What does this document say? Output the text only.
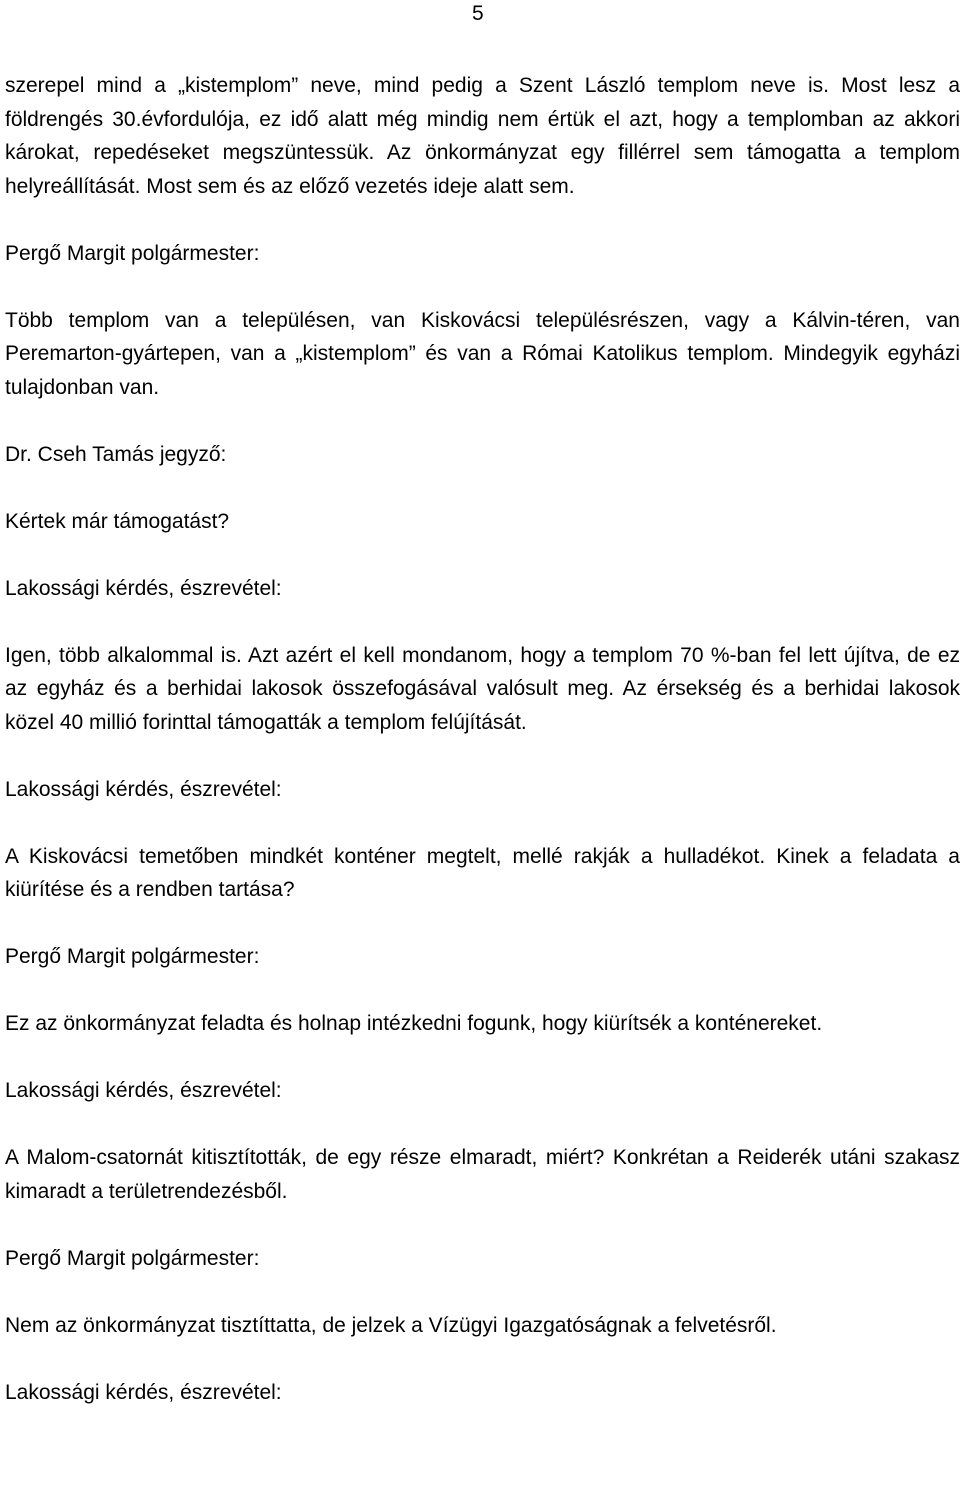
5

szerepel mind a „kistemplom” neve, mind pedig a Szent László templom neve is. Most lesz a földrengés 30.évfordulója, ez idő alatt még mindig nem értük el azt, hogy a templomban az akkori károkat, repedéseket megszüntessük. Az önkormányzat egy fillérrel sem támogatta a templom helyreállítását. Most sem és az előző vezetés ideje alatt sem.

Pergő Margit polgármester:

Több templom van a településen, van Kiskovácsi településrészen, vagy a Kálvin-téren, van Peremarton-gyártepen, van a „kistemplom” és van a Római Katolikus templom. Mindegyik egyházi tulajdonban van.

Dr. Cseh Tamás jegyző:

Kértek már támogatást?

Lakossági kérdés, észrevétel:

Igen, több alkalommal is. Azt azért el kell mondanom, hogy a templom 70 %-ban fel lett újítva, de ez az egyház és a berhidai lakosok összefogásával valósult meg. Az érsekség és a berhidai lakosok közel 40 millió forinttal támogatták a templom felújítását.

Lakossági kérdés, észrevétel:

A Kiskovácsi temetőben mindkét konténer megtelt, mellé rakják a hulladékot. Kinek a feladata a kiürítése és a rendben tartása?

Pergő Margit polgármester:

Ez az önkormányzat feladta és holnap intézkedni fogunk, hogy kiürítsék a konténereket.

Lakossági kérdés, észrevétel:

A Malom-csatornát kitisztították, de egy része elmaradt, miért? Konkrétan a Reiderék utáni szakasz kimaradt a területrendezésből.

Pergő Margit polgármester:

Nem az önkormányzat tisztíttatta, de jelzek a Vízügyi Igazgatóságnak a felvetésről.

Lakossági kérdés, észrevétel:
